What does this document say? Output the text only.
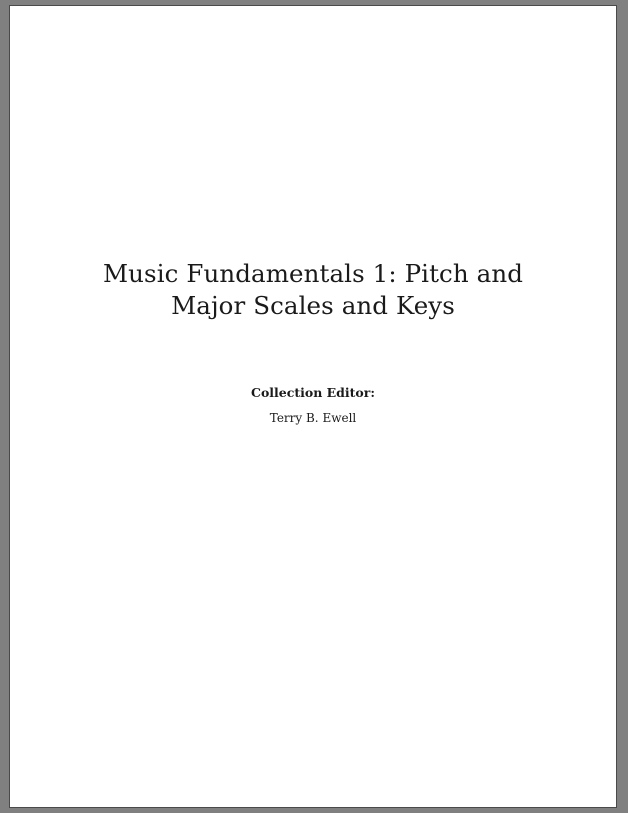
Music Fundamentals 1: Pitch and Major Scales and Keys

Collection Editor:

Terry B. Ewell
